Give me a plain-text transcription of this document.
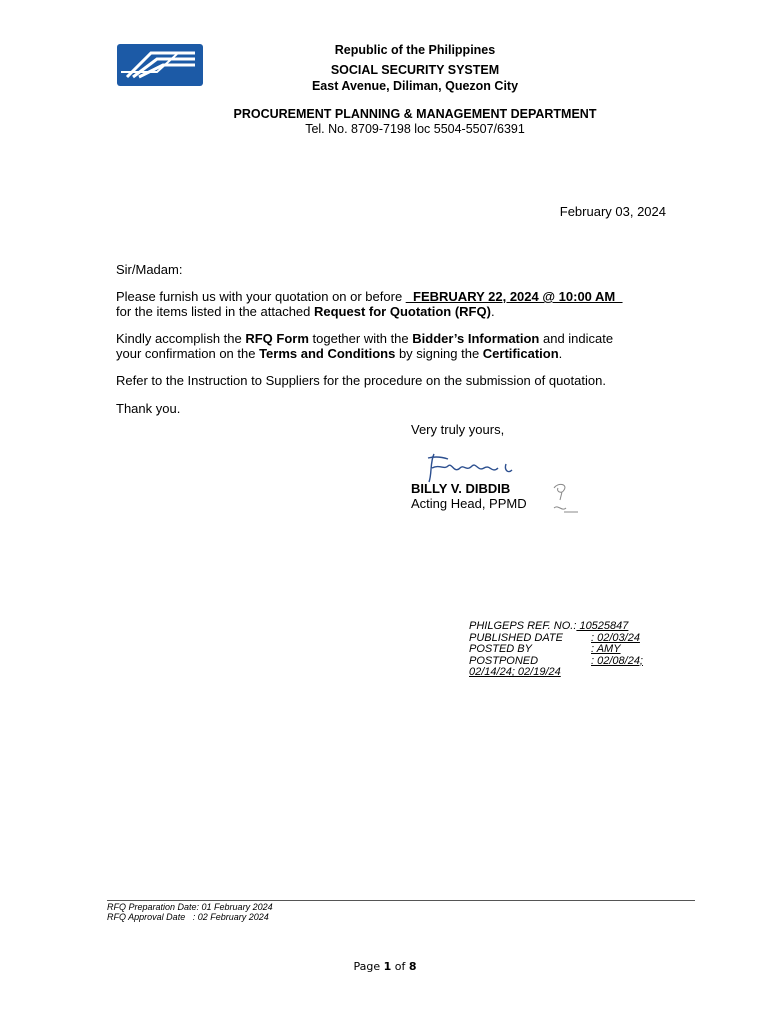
Republic of the Philippines
SOCIAL SECURITY SYSTEM
East Avenue, Diliman, Quezon City
PROCUREMENT PLANNING & MANAGEMENT DEPARTMENT
Tel. No. 8709-7198 loc 5504-5507/6391
February 03, 2024
Sir/Madam:
Please furnish us with your quotation on or before _FEBRUARY 22, 2024 @ 10:00 AM_
for the items listed in the attached Request for Quotation (RFQ).
Kindly accomplish the RFQ Form together with the Bidder’s Information and indicate
your confirmation on the Terms and Conditions by signing the Certification.
Refer to the Instruction to Suppliers for the procedure on the submission of quotation.
Thank you.
Very truly yours,
BILLY V. DIBDIB
Acting Head, PPMD
PHILGEPS REF. NO.: 10525847
PUBLISHED DATE	: 02/03/24
POSTED BY	: AMY
POSTPONED	: 02/08/24;
02/14/24; 02/19/24
RFQ Preparation Date: 01 February 2024
RFQ Approval Date   : 02 February 2024
Page 1 of 8
